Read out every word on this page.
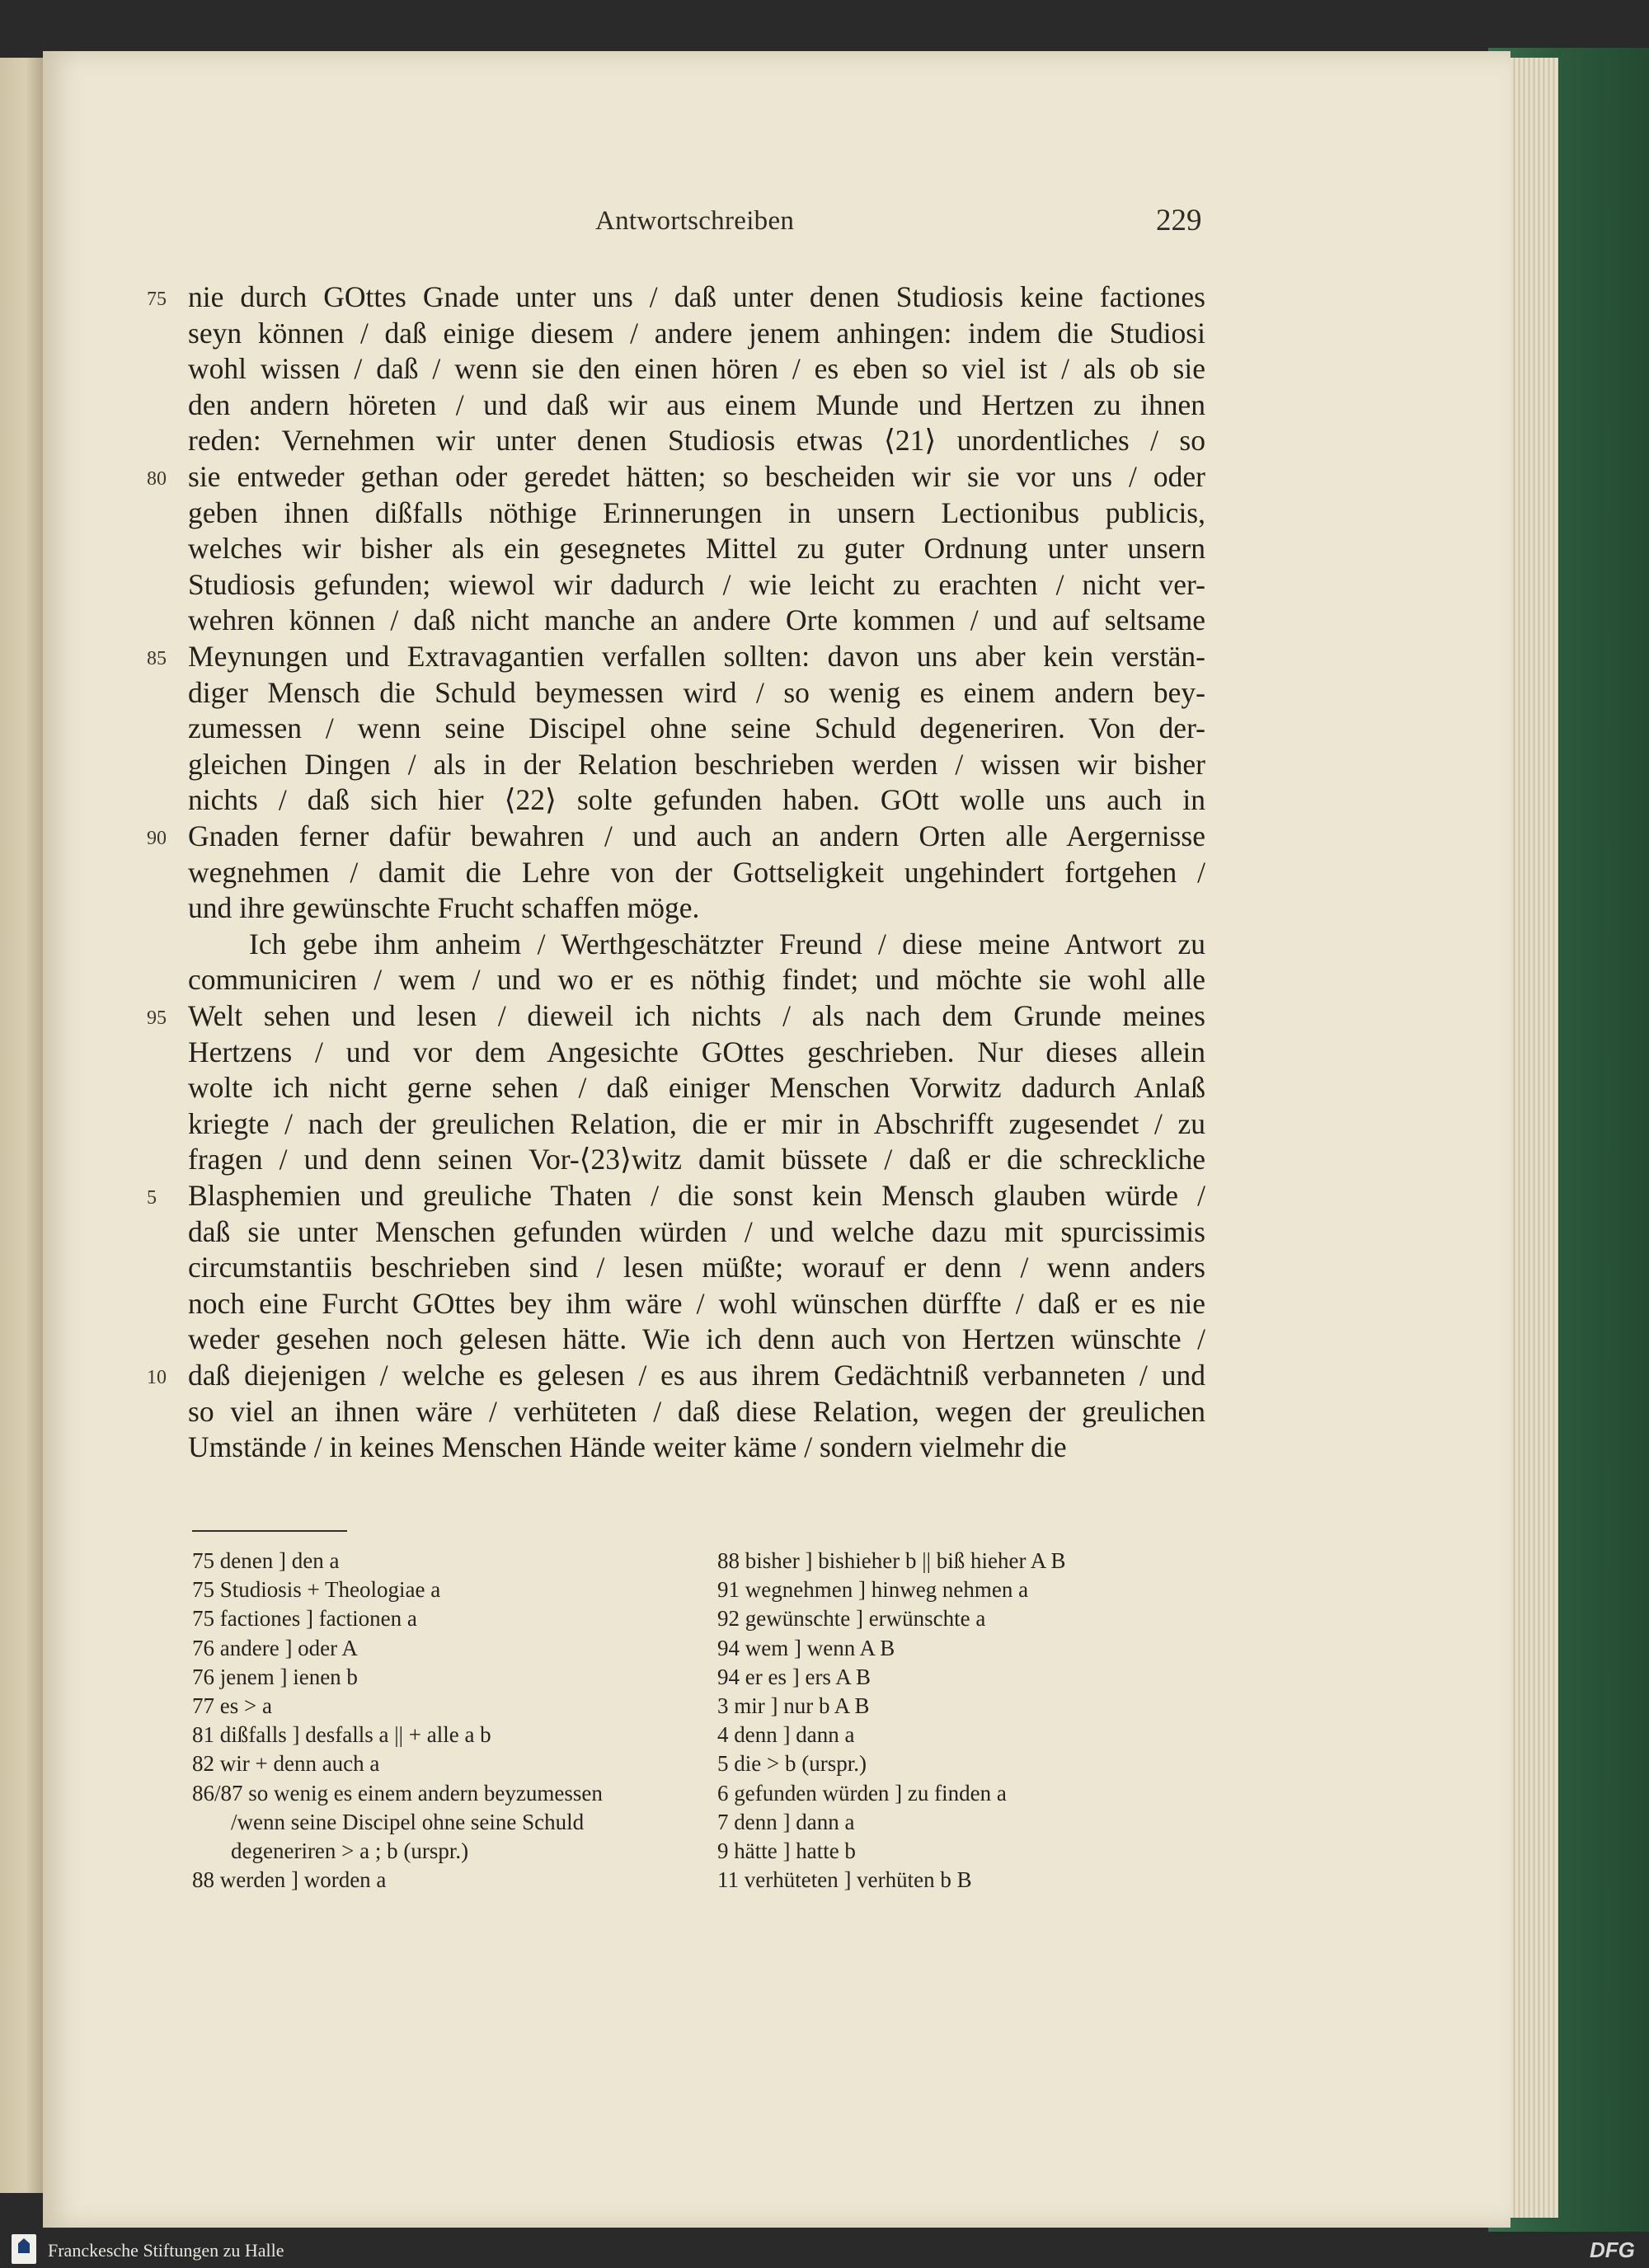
Antwortschreiben	229
nie durch GOttes Gnade unter uns / daß unter denen Studiosis keine factiones
seyn können / daß einige diesem / andere jenem anhingen: indem die Studiosi
wohl wissen / daß / wenn sie den einen hören / es eben so viel ist / als ob sie
den andern höreten / und daß wir aus einem Munde und Hertzen zu ihnen
reden: Vernehmen wir unter denen Studiosis etwas ⟨21⟩ unordentliches / so
sie entweder gethan oder geredet hätten; so bescheiden wir sie vor uns / oder
geben ihnen dißfalls nöthige Erinnerungen in unsern Lectionibus publicis,
welches wir bisher als ein gesegnetes Mittel zu guter Ordnung unter unsern
Studiosis gefunden; wiewol wir dadurch / wie leicht zu erachten / nicht ver-
wehren können / daß nicht manche an andere Orte kommen / und auf seltsame
Meynungen und Extravagantien verfallen sollten: davon uns aber kein verstän-
diger Mensch die Schuld beymessen wird / so wenig es einem andern bey-
zumessen / wenn seine Discipel ohne seine Schuld degeneriren. Von der-
gleichen Dingen / als in der Relation beschrieben werden / wissen wir bisher
nichts / daß sich hier ⟨22⟩ solte gefunden haben. GOtt wolle uns auch in
Gnaden ferner dafür bewahren / und auch an andern Orten alle Aergernisse
wegnehmen / damit die Lehre von der Gottseligkeit ungehindert fortgehen /
und ihre gewünschte Frucht schaffen möge.
Ich gebe ihm anheim / Werthgeschätzter Freund / diese meine Antwort zu
communiciren / wem / und wo er es nöthig findet; und möchte sie wohl alle
Welt sehen und lesen / dieweil ich nichts / als nach dem Grunde meines
Hertzens / und vor dem Angesichte GOttes geschrieben. Nur dieses allein
wolte ich nicht gerne sehen / daß einiger Menschen Vorwitz dadurch Anlaß
kriegte / nach der greulichen Relation, die er mir in Abschrifft zugesendet / zu
fragen / und denn seinen Vor-⟨23⟩witz damit büssete / daß er die schreckliche
Blasphemien und greuliche Thaten / die sonst kein Mensch glauben würde /
daß sie unter Menschen gefunden würden / und welche dazu mit spurcissimis
circumstantiis beschrieben sind / lesen müßte; worauf er denn / wenn anders
noch eine Furcht GOttes bey ihm wäre / wohl wünschen dürffte / daß er es nie
weder gesehen noch gelesen hätte. Wie ich denn auch von Hertzen wünschte /
daß diejenigen / welche es gelesen / es aus ihrem Gedächtniß verbanneten / und
so viel an ihnen wäre / verhüteten / daß diese Relation, wegen der greulichen
Umstände / in keines Menschen Hände weiter käme / sondern vielmehr die
75
80
85
90
95
5
10
75 denen ] den a
75 Studiosis + Theologiae a
75 factiones ] factionen a
76 andere ] oder A
76 jenem ] ienen b
77 es > a
81 dißfalls ] desfalls a || + alle a b
82 wir + denn auch a
86/87 so wenig es einem andern beyzumessen
/wenn seine Discipel ohne seine Schuld
degeneriren > a ; b (urspr.)
88 werden ] worden a
88 bisher ] bishieher b || biß hieher A B
91 wegnehmen ] hinweg nehmen a
92 gewünschte ] erwünschte a
94 wem ] wenn A B
94 er es ] ers A B
3 mir ] nur b A B
4 denn ] dann a
5 die > b (urspr.)
6 gefunden würden ] zu finden a
7 denn ] dann a
9 hätte ] hatte b
11 verhüteten ] verhüten b B
Franckesche Stiftungen zu Halle	DFG
